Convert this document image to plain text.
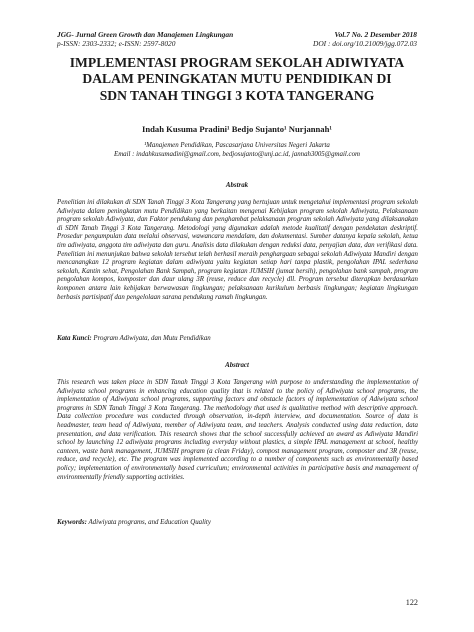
JGG- Jurnal Green Growth dan Manajemen Lingkungan	Vol.7 No. 2 Desember 2018
p-ISSN: 2303-2332; e-ISSN: 2597-8020	DOI : doi.org/10.21009/jgg.072.03
IMPLEMENTASI PROGRAM SEKOLAH ADIWIYATA
DALAM PENINGKATAN MUTU PENDIDIKAN DI
SDN TANAH TINGGI 3 KOTA TANGERANG
Indah Kusuma Pradini¹ Bedjo Sujanto¹ Nurjannah¹
¹Manajemen Pendidikan, Pascasarjana Universitas Negeri Jakarta
Email : indahkusumadini@gmail.com, bedjosujanto@unj.ac.id, jannah3005@gmail.com
Abstrak
Penelitian ini dilakukan di SDN Tanah Tinggi 3 Kota Tangerang yang bertujuan untuk mengetahui implementasi program sekolah Adiwiyata dalam peningkatan mutu Pendidikan yang berkaitan mengenai Kebijakan program sekolah Adiwiyata, Pelaksanaan program sekolah Adiwiyata, dan Faktor pendukung dan penghambat pelaksanaan program sekolah Adiwiyata yang dilaksanakan di SDN Tanah Tinggi 3 Kota Tangerang. Metodologi yang digunakan adalah metode kualitatif dengan pendekatan deskriptif. Prosedur pengumpulan data melalui observasi, wawancara mendalam, dan dokumentasi. Sumber datanya kepala sekolah, ketua tim adiwiyata, anggota tim adiwiyata dan guru. Analisis data dilakukan dengan reduksi data, penyajian data, dan verifikasi data. Penelitian ini menunjukan bahwa sekolah tersebut telah berhasil meraih penghargaan sebagai sekolah Adiwiyata Mandiri dengan mencanangkan 12 program kegiatan dalam adiwiyata yaitu kegiatan setiap hari tanpa plastik, pengolahan IPAL sederhana sekolah, Kantin sehat, Pengolahan Bank Sampah, program kegiatan JUMSIH (jumat bersih), pengolahan bank sampah, program pengolahan kompos, komposter dan daur ulang 3R (reuse, reduce dan recycle) dll. Program tersebut diterapkan berdasarkan komponen antara lain kebijakan berwawasan lingkungan; pelaksanaan kurikulum berbasis lingkungan; kegiatan lingkungan berbasis partisipatif dan pengelolaan sarana pendukung ramah lingkungan.
Kata Kunci: Program Adiwiyata, dan Mutu Pendidikan
Abstract
This research was taken place in SDN Tanah Tinggi 3 Kota Tangerang with purpose to understanding the implementation of Adiwiyata school programs in enhancing education quality that is related to the policy of Adiwiyata school programs, the implementation of Adiwiyata school programs, supporting factors and obstacle factors of implementation of Adiwiyata school programs in SDN Tanah Tinggi 3 Kota Tangerang. The methodology that used is qualitative method with descriptive approach. Data collection procedure was conducted through observation, in-depth interview, and documentation. Source of data is headmaster, team head of Adiwiyata, member of Adiwiyata team, and teachers. Analysis conducted using data reduction, data presentation, and data verification. This research shows that the school successfully achieved an award as Adiwiyata Mandiri school by launching 12 adiwiyata programs including everyday without plastics, a simple IPAL management at school, healthy canteen, waste bank management, JUMSIH program (a clean Friday), compost management program, composter and 3R (reuse, reduce, and recycle), etc. The program was implemented according to a number of components such as environmentally based policy; implementation of environmentally based curriculum; environmental activities in participative basis and management of environmentally friendly supporting activities.
Keywords: Adiwiyata programs, and Education Quality
122
